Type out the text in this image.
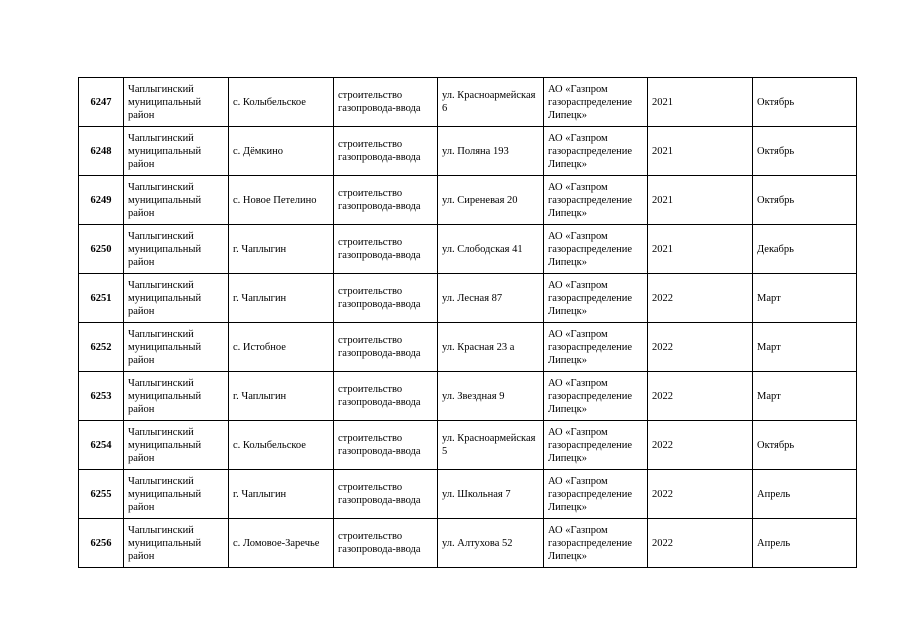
6247	Чаплыгинский муниципальный район	с. Колыбельское	строительство газопровода-ввода	ул. Красноармейская 6	АО «Газпром газораспределение Липецк»	2021	Октябрь
6248	Чаплыгинский муниципальный район	с. Дёмкино	строительство газопровода-ввода	ул. Поляна 193	АО «Газпром газораспределение Липецк»	2021	Октябрь
6249	Чаплыгинский муниципальный район	с. Новое Петелино	строительство газопровода-ввода	ул. Сиреневая 20	АО «Газпром газораспределение Липецк»	2021	Октябрь
6250	Чаплыгинский муниципальный район	г. Чаплыгин	строительство газопровода-ввода	ул. Слободская 41	АО «Газпром газораспределение Липецк»	2021	Декабрь
6251	Чаплыгинский муниципальный район	г. Чаплыгин	строительство газопровода-ввода	ул. Лесная 87	АО «Газпром газораспределение Липецк»	2022	Март
6252	Чаплыгинский муниципальный район	с. Истобное	строительство газопровода-ввода	ул. Красная 23 а	АО «Газпром газораспределение Липецк»	2022	Март
6253	Чаплыгинский муниципальный район	г. Чаплыгин	строительство газопровода-ввода	ул. Звездная 9	АО «Газпром газораспределение Липецк»	2022	Март
6254	Чаплыгинский муниципальный район	с. Колыбельское	строительство газопровода-ввода	ул. Красноармейская 5	АО «Газпром газораспределение Липецк»	2022	Октябрь
6255	Чаплыгинский муниципальный район	г. Чаплыгин	строительство газопровода-ввода	ул. Школьная 7	АО «Газпром газораспределение Липецк»	2022	Апрель
6256	Чаплыгинский муниципальный район	с. Ломовое-Заречье	строительство газопровода-ввода	ул. Алтухова 52	АО «Газпром газораспределение Липецк»	2022	Апрель
